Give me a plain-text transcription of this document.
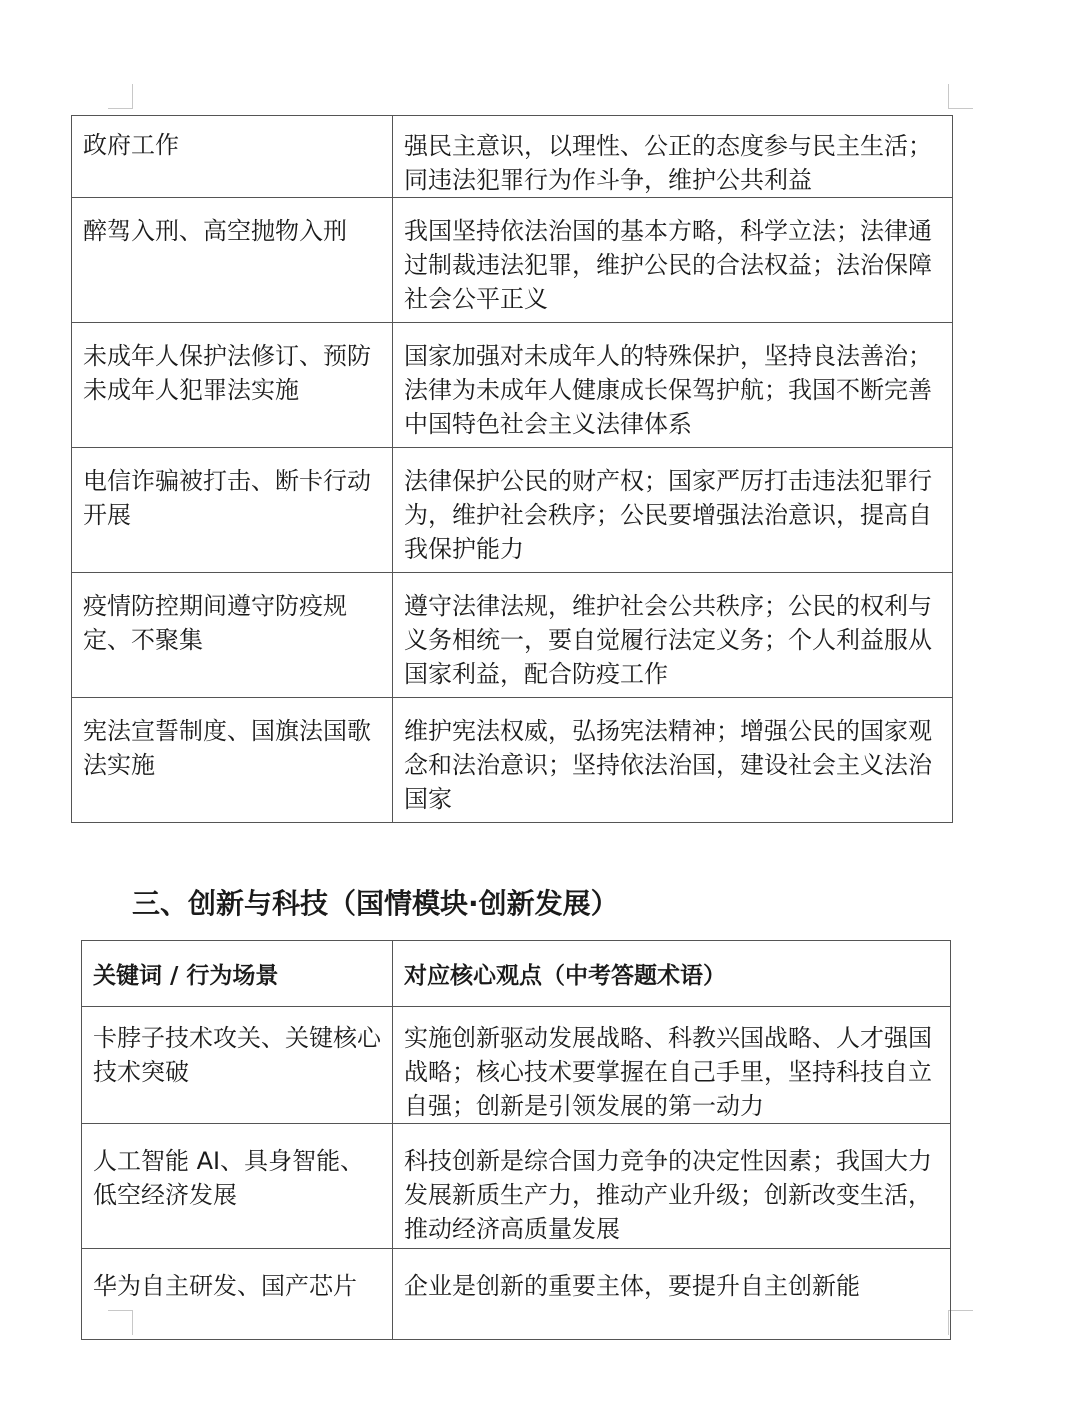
政府工作	强民主意识，以理性、公正的态度参与民主生活；同违法犯罪行为作斗争，维护公共利益
醉驾入刑、高空抛物入刑	我国坚持依法治国的基本方略，科学立法；法律通过制裁违法犯罪，维护公民的合法权益；法治保障社会公平正义
未成年人保护法修订、预防未成年人犯罪法实施	国家加强对未成年人的特殊保护，坚持良法善治；法律为未成年人健康成长保驾护航；我国不断完善中国特色社会主义法律体系
电信诈骗被打击、断卡行动开展	法律保护公民的财产权；国家严厉打击违法犯罪行为，维护社会秩序；公民要增强法治意识，提高自我保护能力
疫情防控期间遵守防疫规定、不聚集	遵守法律法规，维护社会公共秩序；公民的权利与义务相统一，要自觉履行法定义务；个人利益服从国家利益，配合防疫工作
宪法宣誓制度、国旗法国歌法实施	维护宪法权威，弘扬宪法精神；增强公民的国家观念和法治意识；坚持依法治国，建设社会主义法治国家
三、创新与科技（国情模块·创新发展）
关键词 / 行为场景	对应核心观点（中考答题术语）
卡脖子技术攻关、关键核心技术突破	实施创新驱动发展战略、科教兴国战略、人才强国战略；核心技术要掌握在自己手里，坚持科技自立自强；创新是引领发展的第一动力
人工智能 AI、具身智能、低空经济发展	科技创新是综合国力竞争的决定性因素；我国大力发展新质生产力，推动产业升级；创新改变生活，推动经济高质量发展
华为自主研发、国产芯片	企业是创新的重要主体，要提升自主创新能
